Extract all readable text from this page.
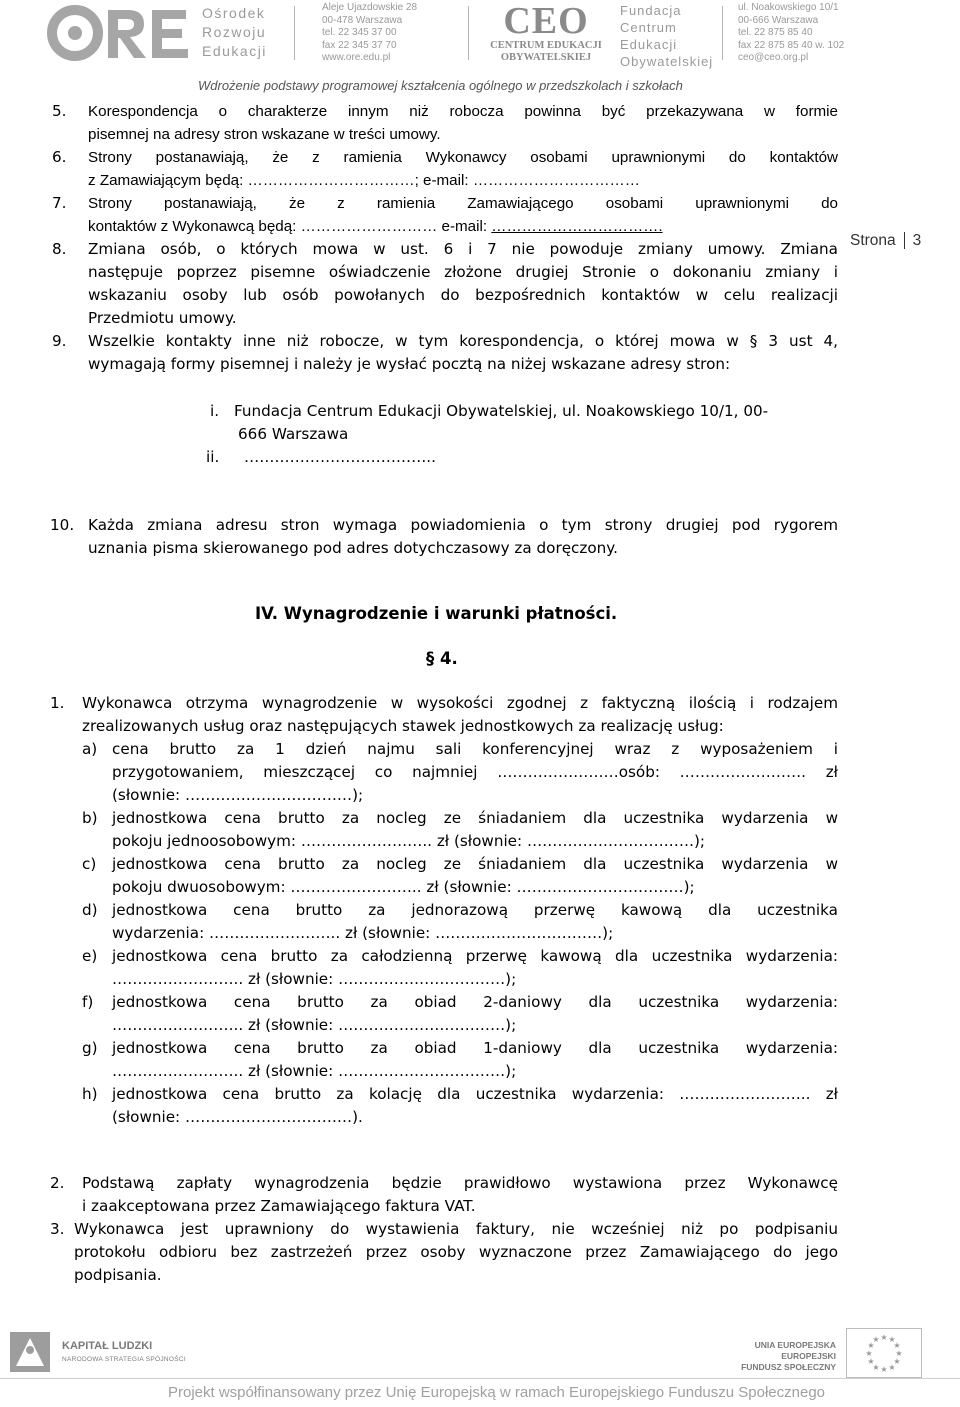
Ośrodek
Rozwoju
Edukacji
Aleje Ujazdowskie 28
00-478 Warszawa
tel. 22 345 37 00
fax 22 345 37 70
www.ore.edu.pl
CEO
CENTRUM EDUKACJI
OBYWATELSKIEJ
Fundacja
Centrum
Edukacji
Obywatelskiej
ul. Noakowskiego 10/1
00-666 Warszawa
tel. 22 875 85 40
fax 22 875 85 40 w. 102
ceo@ceo.org.pl
Wdrożenie podstawy programowej kształcenia ogólnego w przedszkolach i szkołach
Strona 3
5. Korespondencja o charakterze innym niż robocza powinna być przekazywana w formie
pisemnej na adresy stron wskazane w treści umowy.
6. Strony postanawiają, że z ramienia Wykonawcy osobami uprawnionymi do kontaktów
z Zamawiającym będą: ……………………………; e-mail: ……………………………
7. Strony postanawiają, że z ramienia Zamawiającego osobami uprawnionymi do
kontaktów z Wykonawcą będą: ……………………… e-mail: …………………………….
8. Zmiana osób, o których mowa w ust. 6 i 7 nie powoduje zmiany umowy. Zmiana
następuje poprzez pisemne oświadczenie złożone drugiej Stronie o dokonaniu zmiany i
wskazaniu osoby lub osób powołanych do bezpośrednich kontaktów w celu realizacji
Przedmiotu umowy.
9. Wszelkie kontakty inne niż robocze, w tym korespondencja, o której mowa w § 3 ust 4,
wymagają formy pisemnej i należy je wysłać pocztą na niżej wskazane adresy stron:
i. Fundacja Centrum Edukacji Obywatelskiej, ul. Noakowskiego 10/1, 00-
666 Warszawa
ii. ………………………………..
10. Każda zmiana adresu stron wymaga powiadomienia o tym strony drugiej pod rygorem
uznania pisma skierowanego pod adres dotychczasowy za doręczony.
IV. Wynagrodzenie i warunki płatności.
§ 4.
1. Wykonawca otrzyma wynagrodzenie w wysokości zgodnej z faktyczną ilością i rodzajem
zrealizowanych usług oraz następujących stawek jednostkowych za realizację usług:
a) cena brutto za 1 dzień najmu sali konferencyjnej wraz z wyposażeniem i
przygotowaniem, mieszczącej co najmniej ……………………osób: ……………………. zł
(słownie: ……………………………);
b) jednostkowa cena brutto za nocleg ze śniadaniem dla uczestnika wydarzenia w
pokoju jednoosobowym: …………………….. zł (słownie: ……………………………);
c) jednostkowa cena brutto za nocleg ze śniadaniem dla uczestnika wydarzenia w
pokoju dwuosobowym: …………………….. zł (słownie: ……………………………);
d) jednostkowa cena brutto za jednorazową przerwę kawową dla uczestnika
wydarzenia: …………………….. zł (słownie: ……………………………);
e) jednostkowa cena brutto za całodzienną przerwę kawową dla uczestnika wydarzenia:
…………………….. zł (słownie: ……………………………);
f) jednostkowa cena brutto za obiad 2-daniowy dla uczestnika wydarzenia:
…………………….. zł (słownie: ……………………………);
g) jednostkowa cena brutto za obiad 1-daniowy dla uczestnika wydarzenia:
…………………….. zł (słownie: ……………………………);
h) jednostkowa cena brutto za kolację dla uczestnika wydarzenia: …………………….. zł
(słownie: ……………………………).
2. Podstawą zapłaty wynagrodzenia będzie prawidłowo wystawiona przez Wykonawcę
i zaakceptowana przez Zamawiającego faktura VAT.
3. Wykonawca jest uprawniony do wystawienia faktury, nie wcześniej niż po podpisaniu
protokołu odbioru bez zastrzeżeń przez osoby wyznaczone przez Zamawiającego do jego
podpisania.
KAPITAŁ LUDZKI
NARODOWA STRATEGIA SPÓJNOŚCI
UNIA EUROPEJSKA
EUROPEJSKI
FUNDUSZ SPOŁECZNY
★ ★
★
★
★
★
★
★
★
★
★
★
Projekt współfinansowany przez Unię Europejską w ramach Europejskiego Funduszu Społecznego
